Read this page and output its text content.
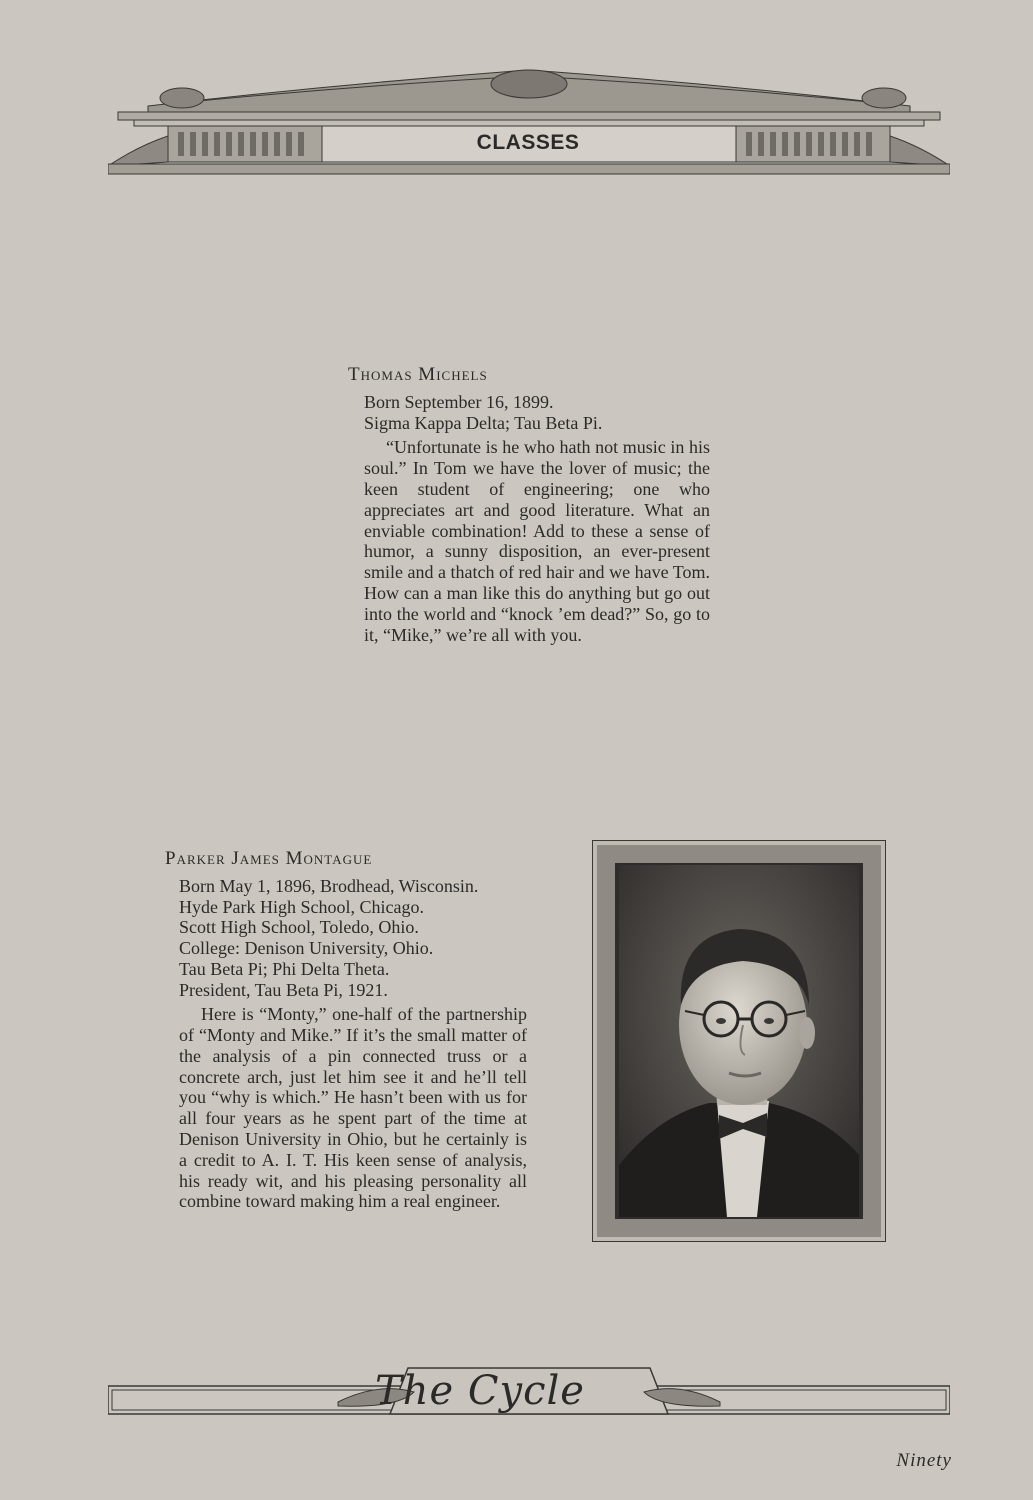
CLASSES

Thomas Michels

Born September 16, 1899.

Sigma Kappa Delta; Tau Beta Pi.

“Unfortunate is he who hath not music in his soul.” In Tom we have the lover of music; the keen student of engineering; one who appreciates art and good literature. What an enviable combination! Add to these a sense of humor, a sunny disposition, an ever-present smile and a thatch of red hair and we have Tom. How can a man like this do anything but go out into the world and “knock ’em dead?” So, go to it, “Mike,” we’re all with you.

Parker James Montague

Born May 1, 1896, Brodhead, Wisconsin.

Hyde Park High School, Chicago.

Scott High School, Toledo, Ohio.

College: Denison University, Ohio.

Tau Beta Pi; Phi Delta Theta.

President, Tau Beta Pi, 1921.

Here is “Monty,” one-half of the partnership of “Monty and Mike.” If it’s the small matter of the analysis of a pin connected truss or a concrete arch, just let him see it and he’ll tell you “why is which.” He hasn’t been with us for all four years as he spent part of the time at Denison University in Ohio, but he certainly is a credit to A. I. T. His keen sense of analysis, his ready wit, and his pleasing personality all combine toward making him a real engineer.

The Cycle

Ninety
